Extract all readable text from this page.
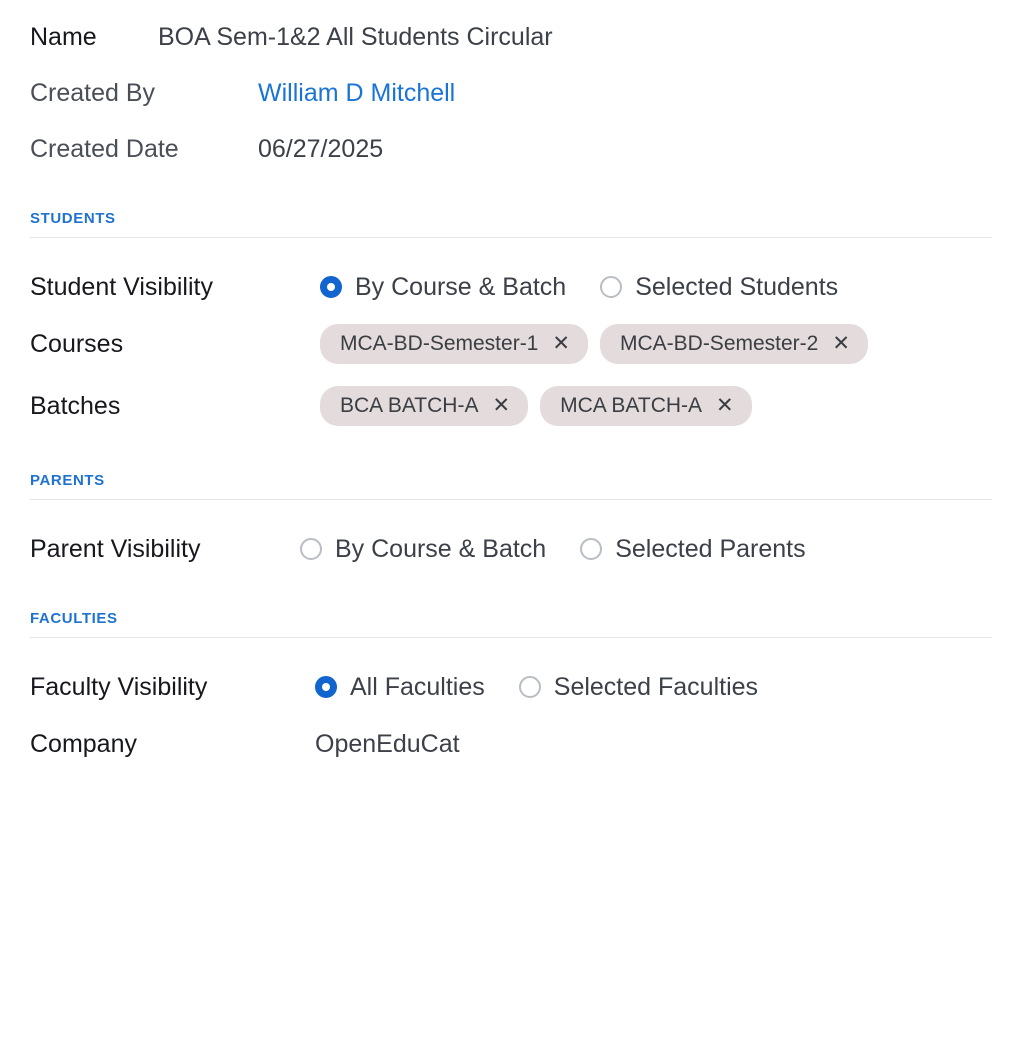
Name	BOA Sem-1&2 All Students Circular
Created By	William D Mitchell
Created Date	06/27/2025
STUDENTS
Student Visibility	By Course & Batch	Selected Students
Courses	MCA-BD-Semester-1 ✕ MCA-BD-Semester-2 ✕
Batches	BCA BATCH-A ✕ MCA BATCH-A ✕
PARENTS
Parent Visibility	By Course & Batch	Selected Parents
FACULTIES
Faculty Visibility	All Faculties	Selected Faculties
Company	OpenEduCat
